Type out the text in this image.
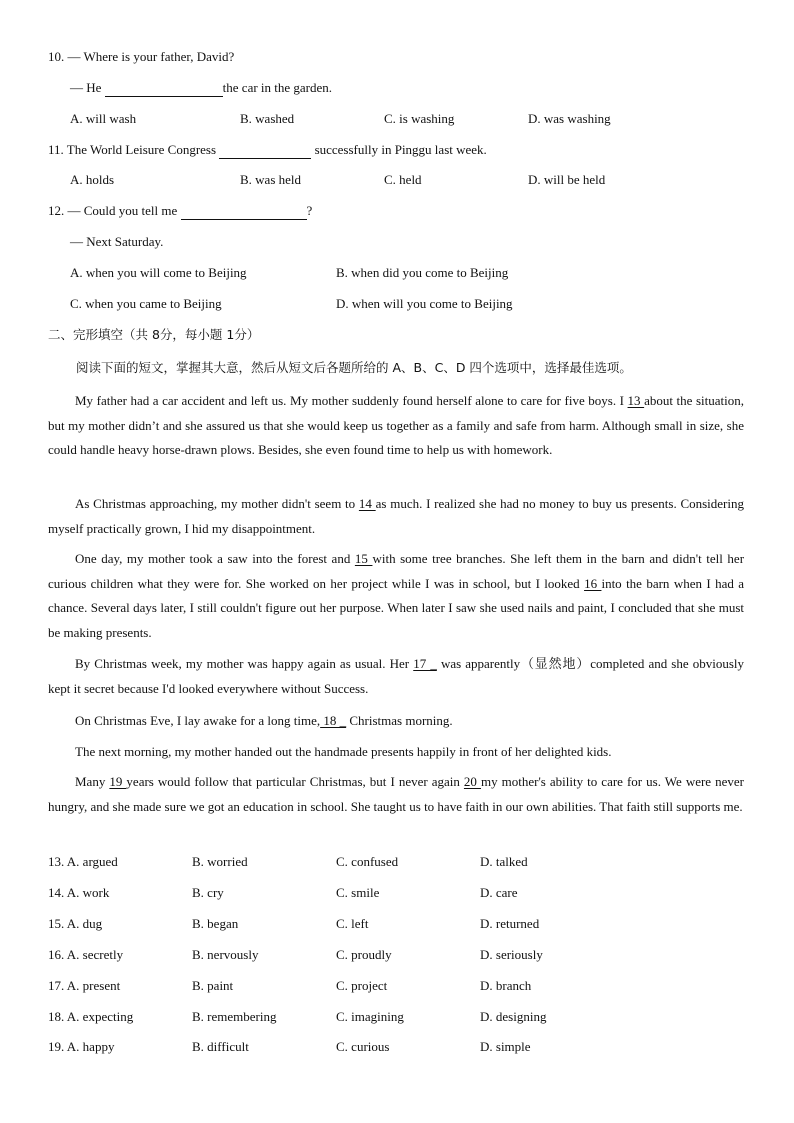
10. — Where is your father, David?
— He	the car in the garden.
A. will wash	B. washed	C. is washing	D. was washing
11. The World Leisure Congress	successfully in Pinggu last week.
A. holds	B. was held	C. held	D. will be held
12. — Could you tell me	?
— Next Saturday.
A. when you will come to Beijing	B. when did you come to Beijing
C. when you came to Beijing	D. when will you come to Beijing
二、完形填空（共 8分，每小题 1分）
阅读下面的短文，掌握其大意，然后从短文后各题所给的 A、B、C、D 四个选项中，选择最佳选项。
My father had a car accident and left us. My mother suddenly found herself alone to care for five boys. I 13 about the situation, but my mother didn’t and she assured us that she would keep us together as a family and safe from harm. Although small in size, she could handle heavy horse-drawn plows. Besides, she even found time to help us with homework.
As Christmas approaching, my mother didn't seem to 14 as much. I realized she had no money to buy us presents. Considering myself practically grown, I hid my disappointment.
One day, my mother took a saw into the forest and 15 with some tree branches. She left them in the barn and didn't tell her curious children what they were for. She worked on her project while I was in school, but I looked 16 into the barn when I had a chance. Several days later, I still couldn't figure out her purpose. When later I saw she used nails and paint, I concluded that she must be making presents.
By Christmas week, my mother was happy again as usual. Her 17 _ was apparently（显然地）completed and she obviously kept it secret because I'd looked everywhere without Success.
On Christmas Eve, I lay awake for a long time, 18 _ Christmas morning.
The next morning, my mother handed out the handmade presents happily in front of her delighted kids.
Many 19 years would follow that particular Christmas, but I never again 20 my mother's ability to care for us. We were never hungry, and she made sure we got an education in school. She taught us to have faith in our own abilities. That faith still supports me.
13. A. argued	B. worried	C. confused	D. talked
14. A. work	B. cry	C. smile	D. care
15. A. dug	B. began	C. left	D. returned
16. A. secretly	B. nervously	C. proudly	D. seriously
17. A. present	B. paint	C. project	D. branch
18. A. expecting	B. remembering	C. imagining	D. designing
19. A. happy	B. difficult	C. curious	D. simple
